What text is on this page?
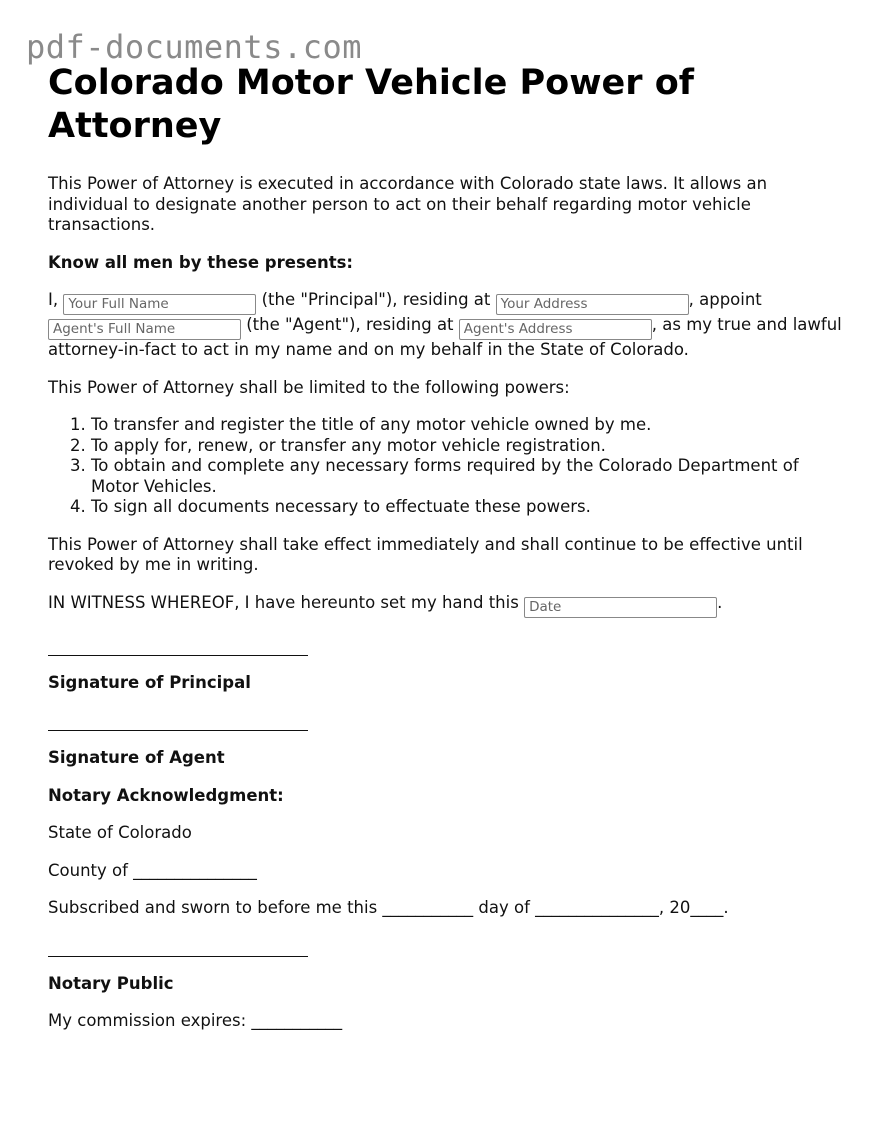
pdf-documents.com
Colorado Motor Vehicle Power of Attorney

This Power of Attorney is executed in accordance with Colorado state laws. It allows an individual to designate another person to act on their behalf regarding motor vehicle transactions.

Know all men by these presents:

I, Your Full Name	(the "Principal"), residing at Your Address	, appoint Agent's Full Name	(the "Agent"), residing at Agent's Address	, as my true and lawful attorney-in-fact to act in my name and on my behalf in the State of Colorado.

This Power of Attorney shall be limited to the following powers:

1. To transfer and register the title of any motor vehicle owned by me.
2. To apply for, renew, or transfer any motor vehicle registration.
3. To obtain and complete any necessary forms required by the Colorado Department of Motor Vehicles.
4. To sign all documents necessary to effectuate these powers.

This Power of Attorney shall take effect immediately and shall continue to be effective until revoked by me in writing.

IN WITNESS WHEREOF, I have hereunto set my hand this Date	.

Signature of Principal

Signature of Agent

Notary Acknowledgment:

State of Colorado

County of _______________

Subscribed and sworn to before me this ___________ day of _______________, 20____.

Notary Public

My commission expires: ___________
